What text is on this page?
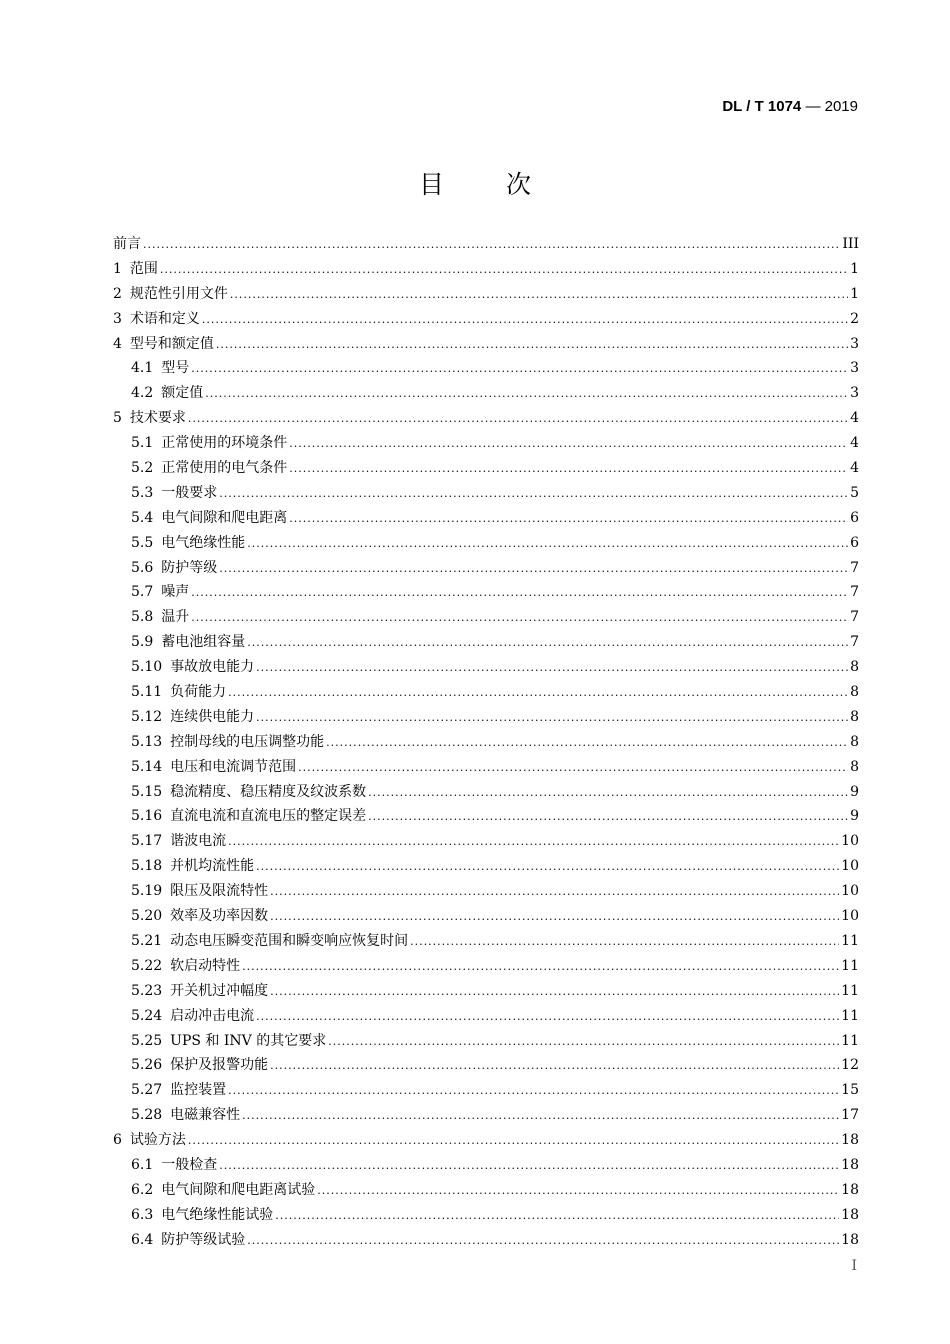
DL / T 1074 — 2019
目次
前言 .....	III
1 范围 .....	1
2 规范性引用文件 .....	1
3 术语和定义 .....	2
4 型号和额定值 .....	3
4.1 型号 .....	3
4.2 额定值 .....	3
5 技术要求 .....	4
5.1 正常使用的环境条件 .....	4
5.2 正常使用的电气条件 .....	4
5.3 一般要求 .....	5
5.4 电气间隙和爬电距离 .....	6
5.5 电气绝缘性能 .....	6
5.6 防护等级 .....	7
5.7 噪声 .....	7
5.8 温升 .....	7
5.9 蓄电池组容量 .....	7
5.10 事故放电能力 .....	8
5.11 负荷能力 .....	8
5.12 连续供电能力 .....	8
5.13 控制母线的电压调整功能 .....	8
5.14 电压和电流调节范围 .....	8
5.15 稳流精度、稳压精度及纹波系数 .....	9
5.16 直流电流和直流电压的整定误差 .....	9
5.17 谐波电流 .....	10
5.18 并机均流性能 .....	10
5.19 限压及限流特性 .....	10
5.20 效率及功率因数 .....	10
5.21 动态电压瞬变范围和瞬变响应恢复时间 .....	11
5.22 软启动特性 .....	11
5.23 开关机过冲幅度 .....	11
5.24 启动冲击电流 .....	11
5.25 UPS 和 INV 的其它要求 .....	11
5.26 保护及报警功能 .....	12
5.27 监控装置 .....	15
5.28 电磁兼容性 .....	17
6 试验方法 .....	18
6.1 一般检查 .....	18
6.2 电气间隙和爬电距离试验 .....	18
6.3 电气绝缘性能试验 .....	18
6.4 防护等级试验 .....	18
I
